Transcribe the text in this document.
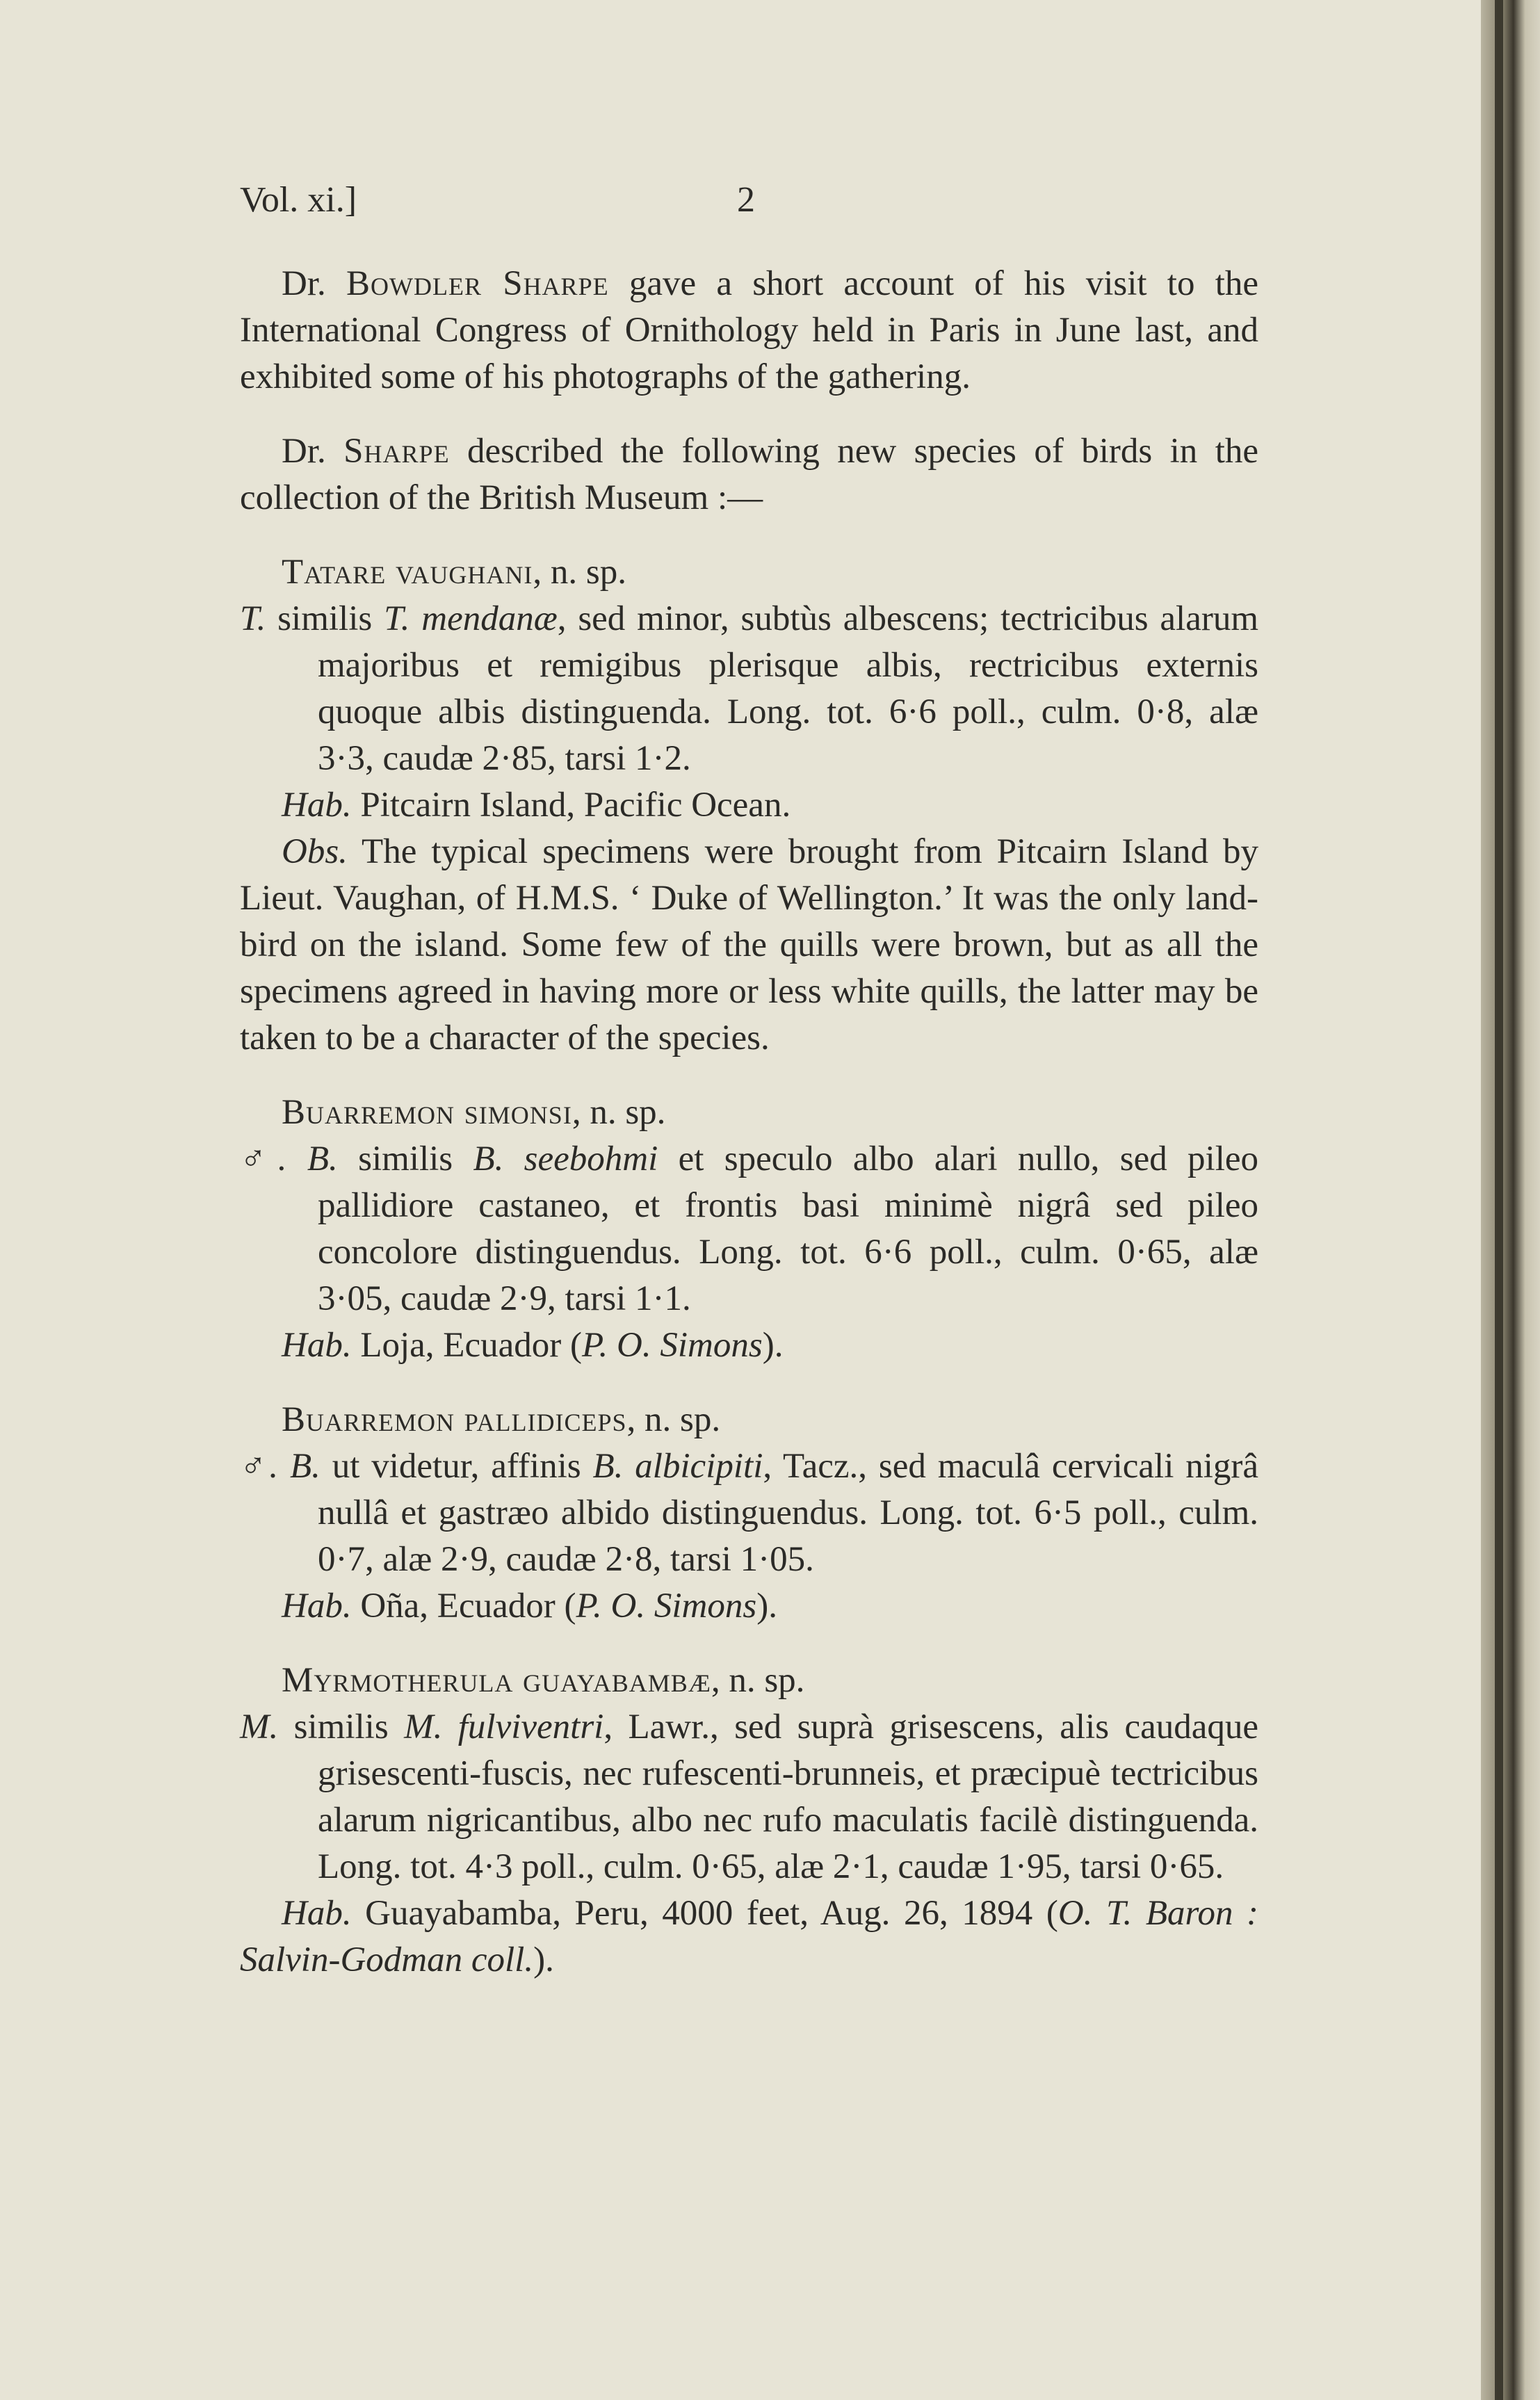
Vol. xi.]	2

Dr. Bowdler Sharpe gave a short account of his visit to the International Congress of Ornithology held in Paris in June last, and exhibited some of his photographs of the gathering.

Dr. Sharpe described the following new species of birds in the collection of the British Museum :—

Tatare vaughani, n. sp.

T. similis T. mendanæ, sed minor, subtùs albescens; tectricibus alarum majoribus et remigibus plerisque albis, rectricibus externis quoque albis distinguenda. Long. tot. 6·6 poll., culm. 0·8, alæ 3·3, caudæ 2·85, tarsi 1·2.

Hab. Pitcairn Island, Pacific Ocean.

Obs. The typical specimens were brought from Pitcairn Island by Lieut. Vaughan, of H.M.S. ‘ Duke of Wellington.’ It was the only land-bird on the island. Some few of the quills were brown, but as all the specimens agreed in having more or less white quills, the latter may be taken to be a character of the species.

Buarremon simonsi, n. sp.

♂. B. similis B. seebohmi et speculo albo alari nullo, sed pileo pallidiore castaneo, et frontis basi minimè nigrâ sed pileo concolore distinguendus. Long. tot. 6·6 poll., culm. 0·65, alæ 3·05, caudæ 2·9, tarsi 1·1.

Hab. Loja, Ecuador (P. O. Simons).

Buarremon pallidiceps, n. sp.

♂. B. ut videtur, affinis B. albicipiti, Tacz., sed maculâ cervicali nigrâ nullâ et gastræo albido distinguendus. Long. tot. 6·5 poll., culm. 0·7, alæ 2·9, caudæ 2·8, tarsi 1·05.

Hab. Oña, Ecuador (P. O. Simons).

Myrmotherula guayabambæ, n. sp.

M. similis M. fulviventri, Lawr., sed suprà grisescens, alis caudaque grisescenti-fuscis, nec rufescenti-brunneis, et præcipuè tectricibus alarum nigricantibus, albo nec rufo maculatis facilè distinguenda. Long. tot. 4·3 poll., culm. 0·65, alæ 2·1, caudæ 1·95, tarsi 0·65.

Hab. Guayabamba, Peru, 4000 feet, Aug. 26, 1894 (O. T. Baron : Salvin-Godman coll.).
